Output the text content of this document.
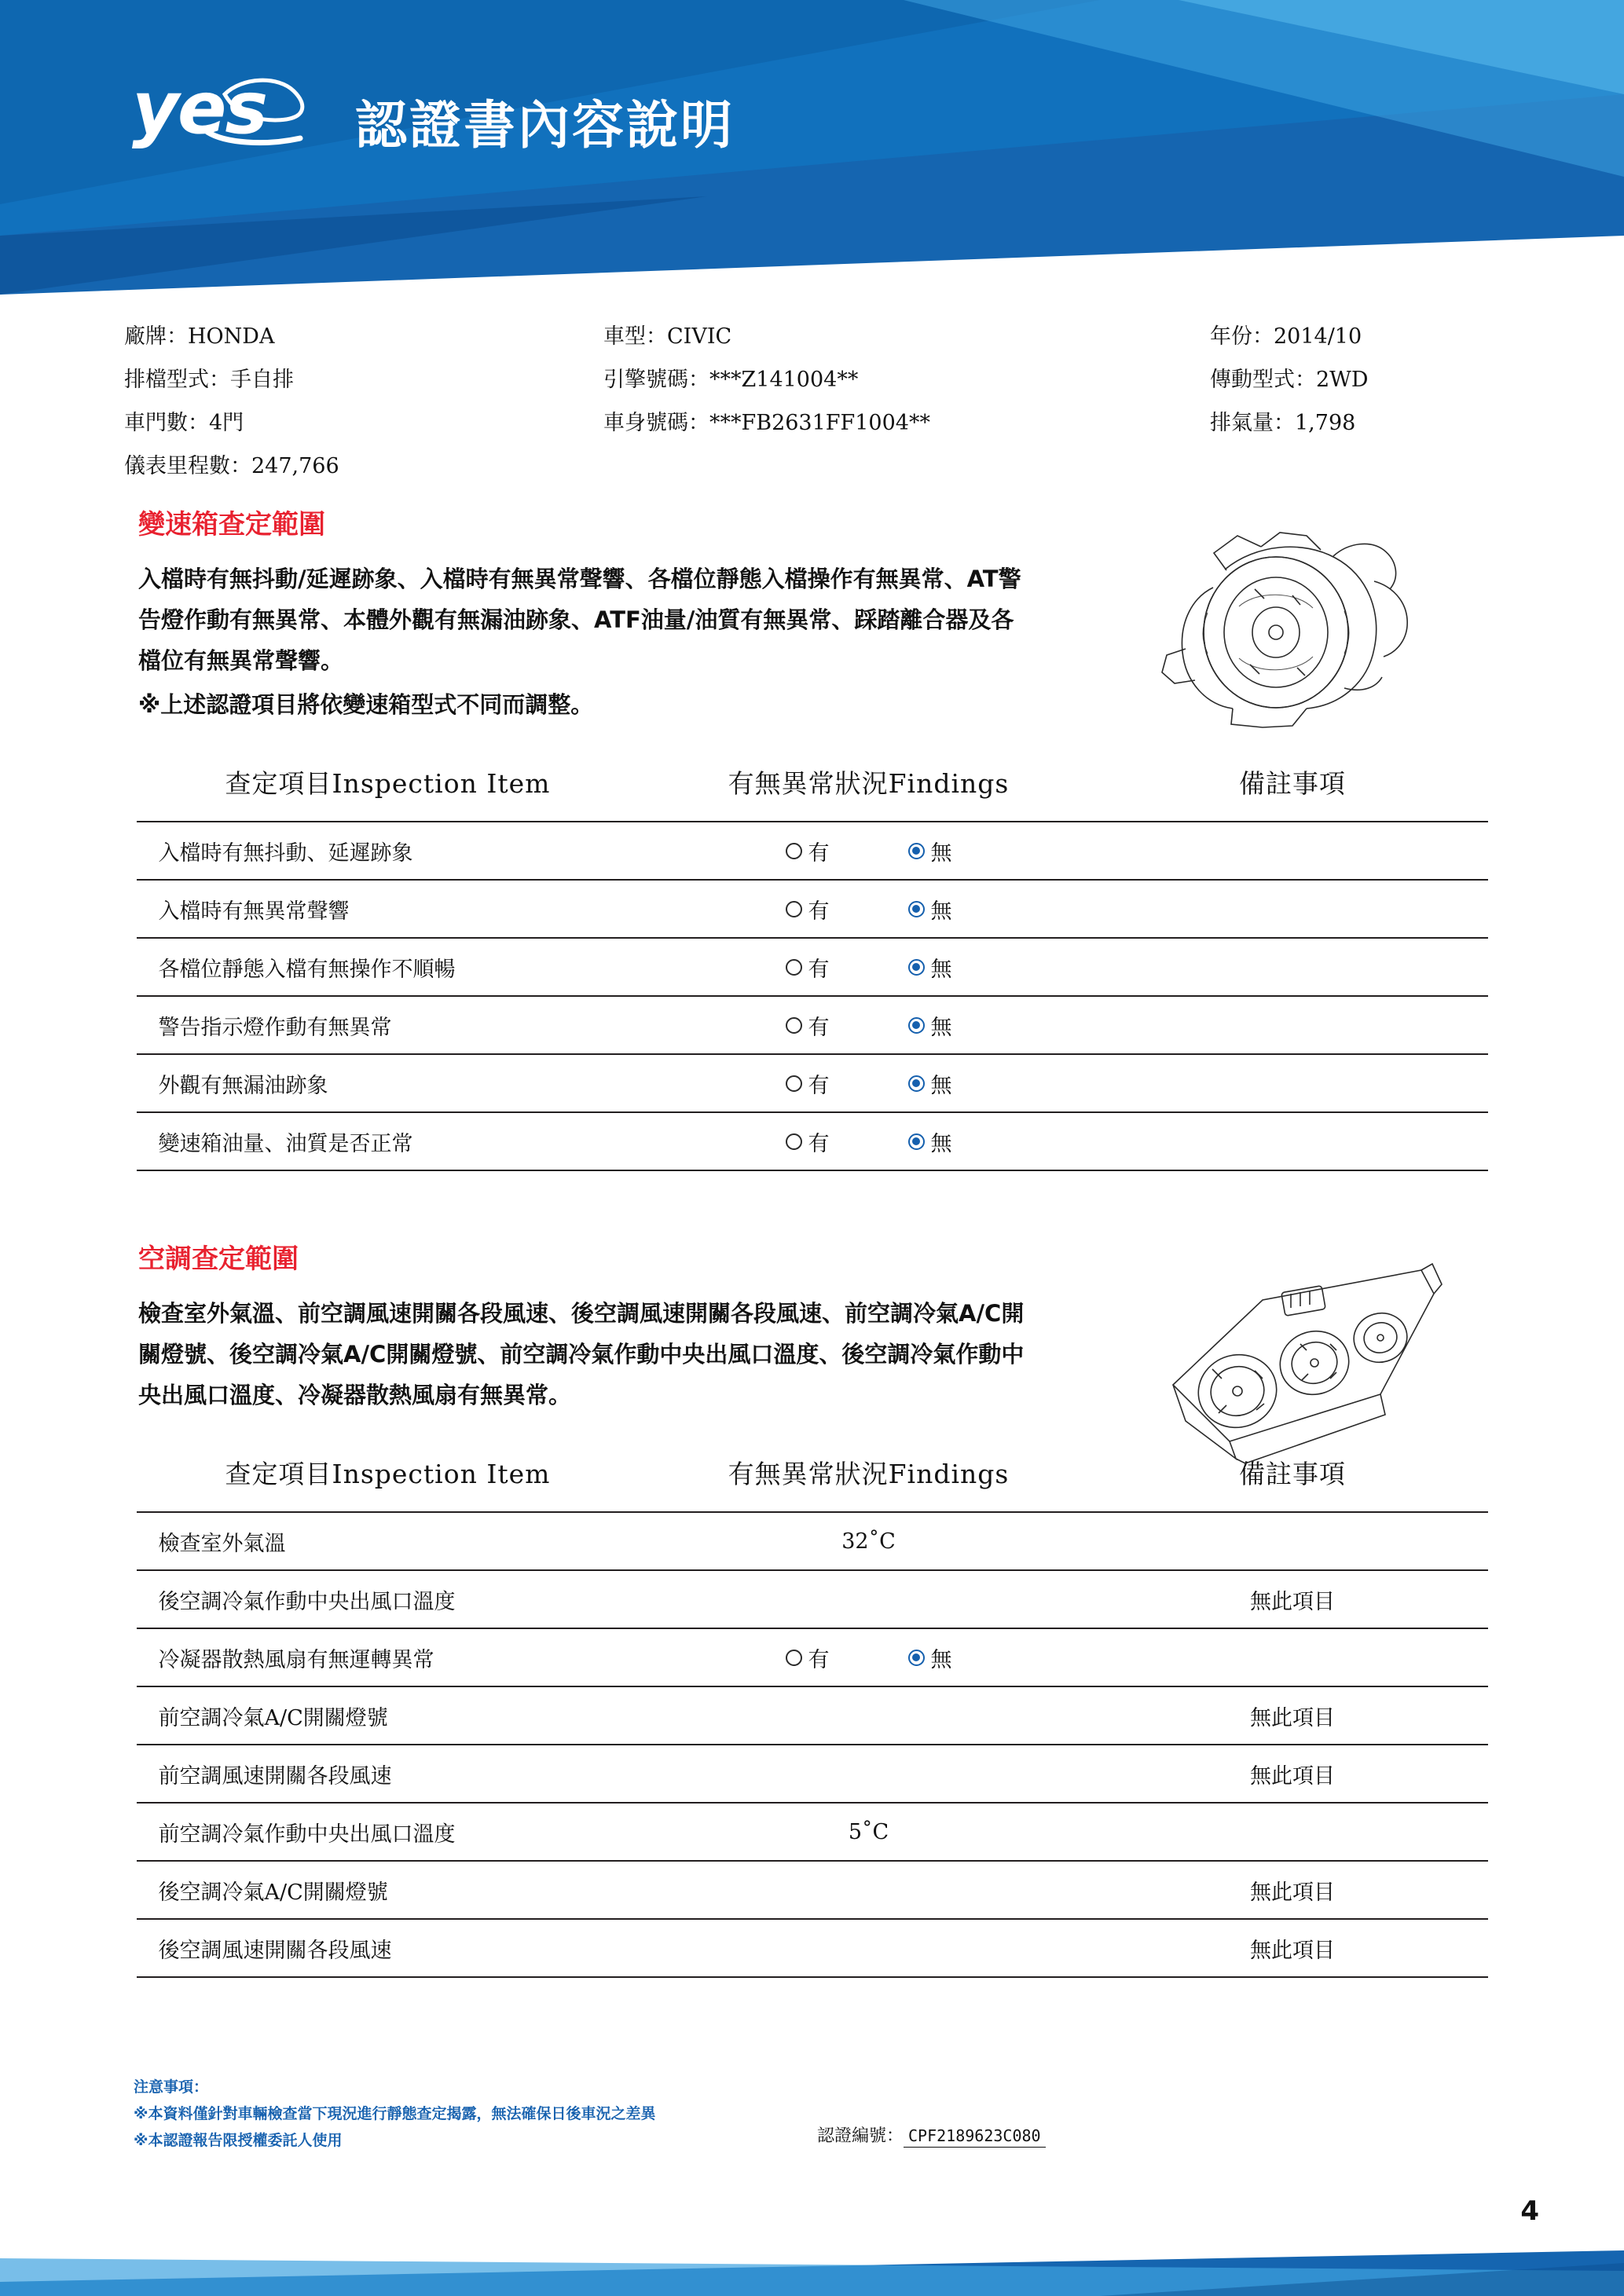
yes 認證書內容說明
廠牌：HONDA
排檔型式：手自排
車門數：4門
儀表里程數：247,766
車型：CIVIC
引擎號碼：***Z141004**
車身號碼：***FB2631FF1004**
年份：2014/10
傳動型式：2WD
排氣量：1,798
變速箱查定範圍
入檔時有無抖動/延遲跡象、入檔時有無異常聲響、各檔位靜態入檔操作有無異常、AT警告燈作動有無異常、本體外觀有無漏油跡象、ATF油量/油質有無異常、踩踏離合器及各檔位有無異常聲響。
※上述認證項目將依變速箱型式不同而調整。
查定項目Inspection Item	有無異常狀況Findings	備註事項
入檔時有無抖動、延遲跡象	有 無	

入檔時有無異常聲響	有 無	

各檔位靜態入檔有無操作不順暢	有 無	

警告指示燈作動有無異常	有 無	

外觀有無漏油跡象	有 無	

變速箱油量、油質是否正常	有 無	

空調查定範圍
檢查室外氣溫、前空調風速開關各段風速、後空調風速開關各段風速、前空調冷氣A/C開關燈號、後空調冷氣A/C開關燈號、前空調冷氣作動中央出風口溫度、後空調冷氣作動中央出風口溫度、冷凝器散熱風扇有無異常。
查定項目Inspection Item	有無異常狀況Findings	備註事項
檢查室外氣溫	32˚C	
後空調冷氣作動中央出風口溫度		無此項目
冷凝器散熱風扇有無運轉異常	有 無	

前空調冷氣A/C開關燈號		無此項目
前空調風速開關各段風速		無此項目
前空調冷氣作動中央出風口溫度	5˚C	
後空調冷氣A/C開關燈號		無此項目
後空調風速開關各段風速		無此項目
注意事項：
※本資料僅針對車輛檢查當下現況進行靜態查定揭露，無法確保日後車況之差異
※本認證報告限授權委託人使用	認證編號： CPF2189623C080
4
